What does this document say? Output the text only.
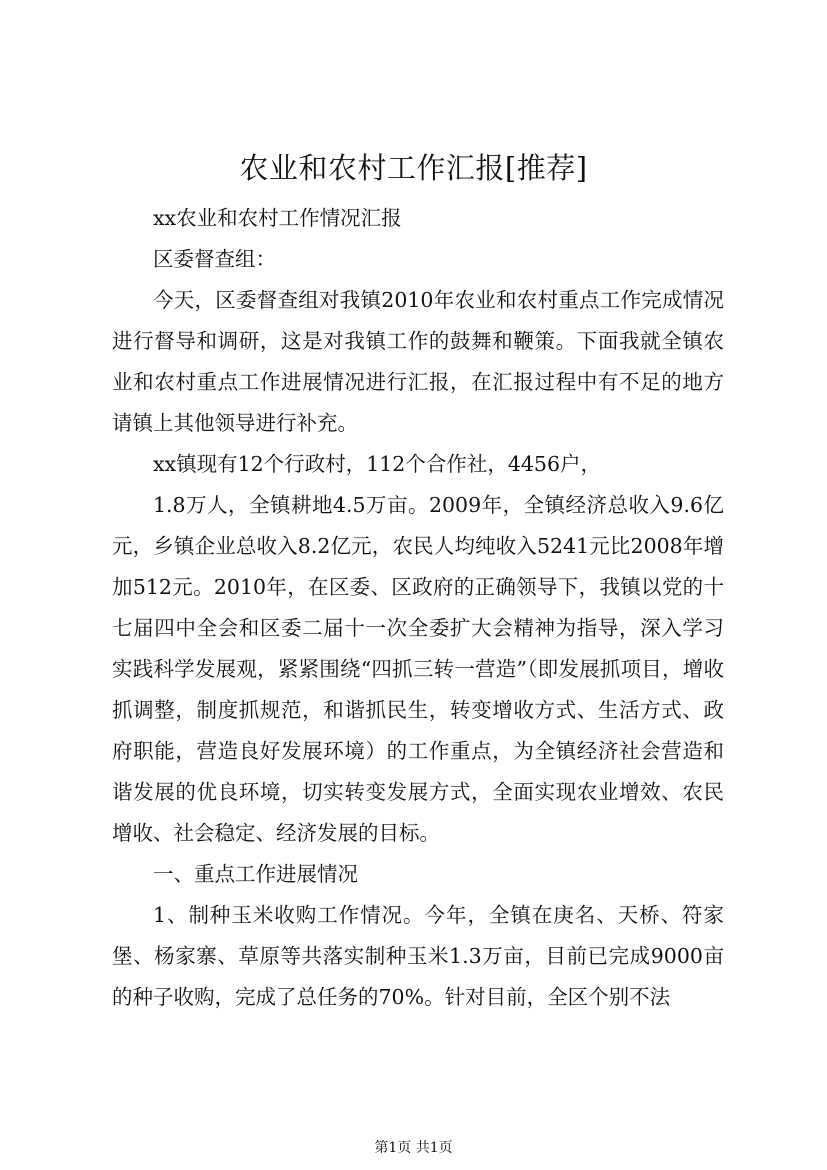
农业和农村工作汇报[推荐]

xx农业和农村工作情况汇报

区委督查组：

今天，区委督查组对我镇2010年农业和农村重点工作完成情况进行督导和调研，这是对我镇工作的鼓舞和鞭策。下面我就全镇农业和农村重点工作进展情况进行汇报，在汇报过程中有不足的地方请镇上其他领导进行补充。

xx镇现有12个行政村，112个合作社，4456户，

1.8万人，全镇耕地4.5万亩。2009年，全镇经济总收入9.6亿元，乡镇企业总收入8.2亿元，农民人均纯收入5241元比2008年增加512元。2010年，在区委、区政府的正确领导下，我镇以党的十七届四中全会和区委二届十一次全委扩大会精神为指导，深入学习实践科学发展观，紧紧围绕“四抓三转一营造”（即发展抓项目，增收抓调整，制度抓规范，和谐抓民生，转变增收方式、生活方式、政府职能，营造良好发展环境）的工作重点，为全镇经济社会营造和谐发展的优良环境，切实转变发展方式，全面实现农业增效、农民增收、社会稳定、经济发展的目标。

一、重点工作进展情况

1、制种玉米收购工作情况。今年，全镇在庚名、天桥、符家堡、杨家寨、草原等共落实制种玉米1.3万亩，目前已完成9000亩的种子收购，完成了总任务的70%。针对目前，全区个别不法

第1页 共1页
